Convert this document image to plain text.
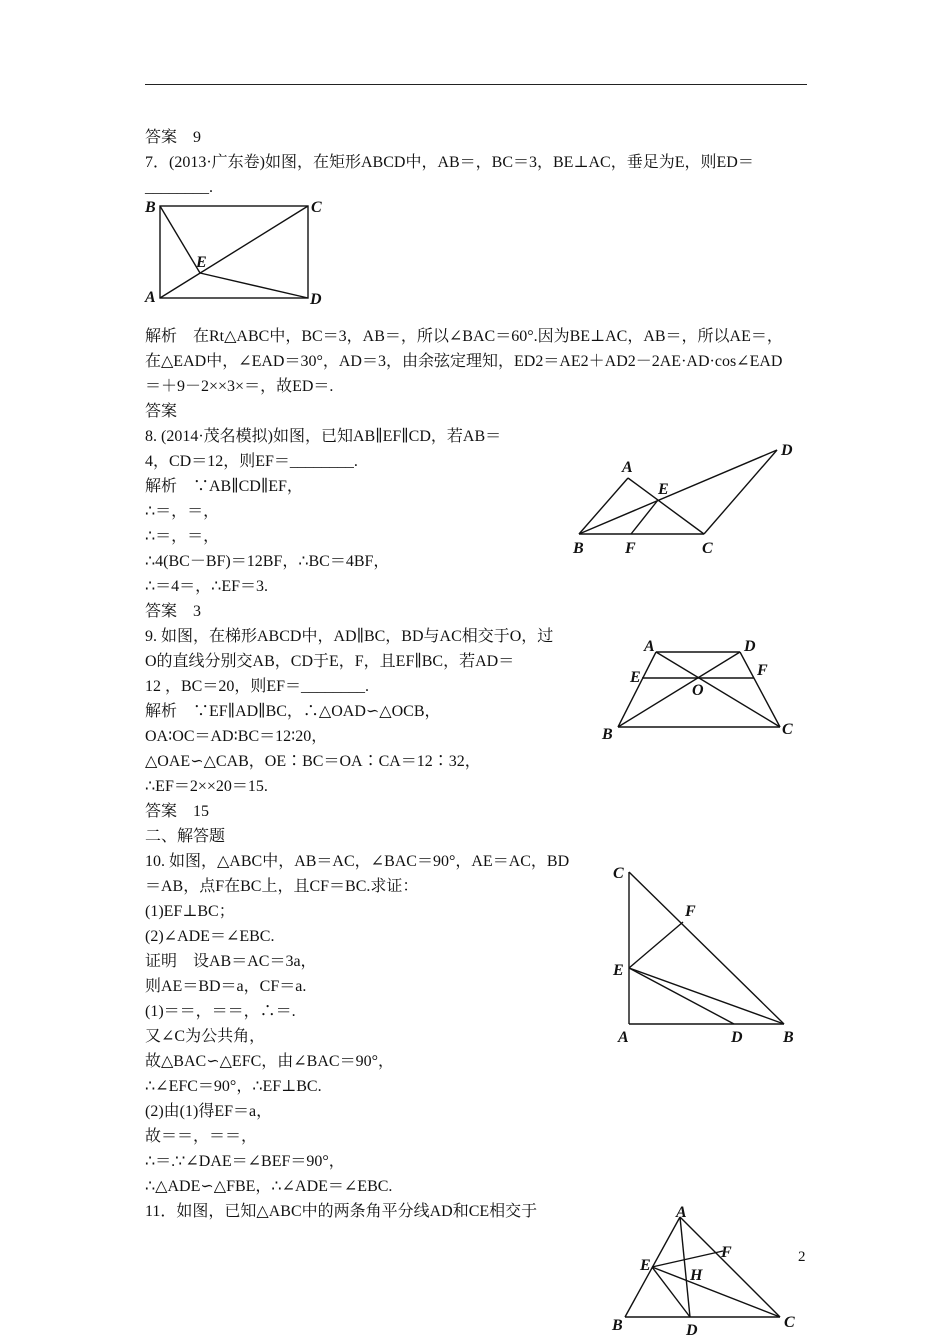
答案　9
7．(2013·广东卷)如图，在矩形ABCD中，AB＝，BC＝3，BE⊥AC，垂足为E，则ED＝
________.
解析　在Rt△ABC中，BC＝3，AB＝，所以∠BAC＝60°.因为BE⊥AC，AB＝，所以AE＝，
在△EAD中，∠EAD＝30°，AD＝3，由余弦定理知，ED2＝AE2＋AD2－2AE·AD·cos∠EAD
＝＋9－2××3×＝，故ED＝.
答案
8. (2014·茂名模拟)如图，已知AB∥EF∥CD，若AB＝
4，CD＝12，则EF＝________.
解析　∵AB∥CD∥EF，
∴＝，＝，
∴＝，＝，
∴4(BC－BF)＝12BF，∴BC＝4BF，
∴＝4＝，∴EF＝3.
答案　3
9. 如图，在梯形ABCD中，AD∥BC，BD与AC相交于O，过
O的直线分别交AB，CD于E，F，且EF∥BC，若AD＝
12 ，BC＝20，则EF＝________.
解析　∵EF∥AD∥BC，∴△OAD∽△OCB，
OA∶OC＝AD∶BC＝12∶20，
△OAE∽△CAB，OE∶BC＝OA∶CA＝12∶32，
∴EF＝2××20＝15.
答案　15
二、解答题
10. 如图，△ABC中，AB＝AC，∠BAC＝90°，AE＝AC，BD
＝AB，点F在BC上，且CF＝BC.求证：
(1)EF⊥BC；
(2)∠ADE＝∠EBC.
证明　设AB＝AC＝3a，
则AE＝BD＝a，CF＝a.
(1)＝＝，＝＝，∴＝.
又∠C为公共角，
故△BAC∽△EFC，由∠BAC＝90°，
∴∠EFC＝90°，∴EF⊥BC.
(2)由(1)得EF＝a，
故＝＝，＝＝，
∴＝.∵∠DAE＝∠BEF＝90°，
∴△ADE∽△FBE，∴∠ADE＝∠EBC.
11．如图，已知△ABC中的两条角平分线AD和CE相交于
B	C
E
A	D
A
E
D
B	F	C
A	D
E	F
O
B	C
C
F
E
A	D	B
A
E
F
H
B	D	C
2
